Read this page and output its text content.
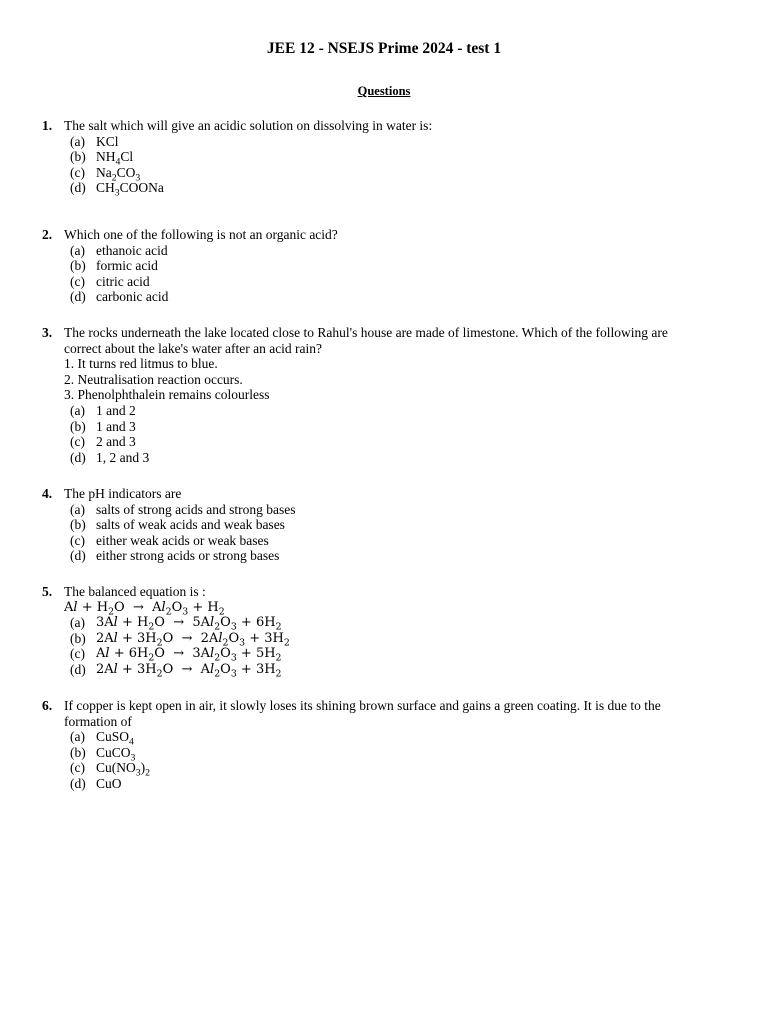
JEE 12 - NSEJS Prime 2024 - test 1
Questions
1. The salt which will give an acidic solution on dissolving in water is:
(a) KCl
(b) $NH_4Cl$
(c) $Na_2CO_3$
(d) $CH_3COONa$
2. Which one of the following is not an organic acid?
(a) ethanoic acid
(b) formic acid
(c) citric acid
(d) carbonic acid
3. The rocks underneath the lake located close to Rahul's house are made of limestone. Which of the following are
correct about the lake's water after an acid rain?
1. It turns red litmus to blue.
2. Neutralisation reaction occurs.
3. Phenolphthalein remains colourless
(a) 1 and 2
(b) 1 and 3
(c) 2 and 3
(d) 1, 2 and 3
4. The pH indicators are
(a) salts of strong acids and strong bases
(b) salts of weak acids and weak bases
(c) either weak acids or weak bases
(d) either strong acids or strong bases
5. The balanced equation is :
$Al + H_2O \to Al_2O_3 + H_2$
(a) $3Al + H_2O \to 5Al_2O_3 + 6H_2$
(b) $2Al + 3H_2O \to 2Al_2O_3 + 3H_2$
(c) $Al + 6H_2O \to 3Al_2O_3 + 5H_2$
(d) $2Al + 3H_2O \to Al_2O_3 + 3H_2$
6. If copper is kept open in air, it slowly loses its shining brown surface and gains a green coating. It is due to the
formation of
(a) CuSO$_4$
(b) CuCO$_3$
(c) $Cu(NO_3)_2$
(d) CuO
